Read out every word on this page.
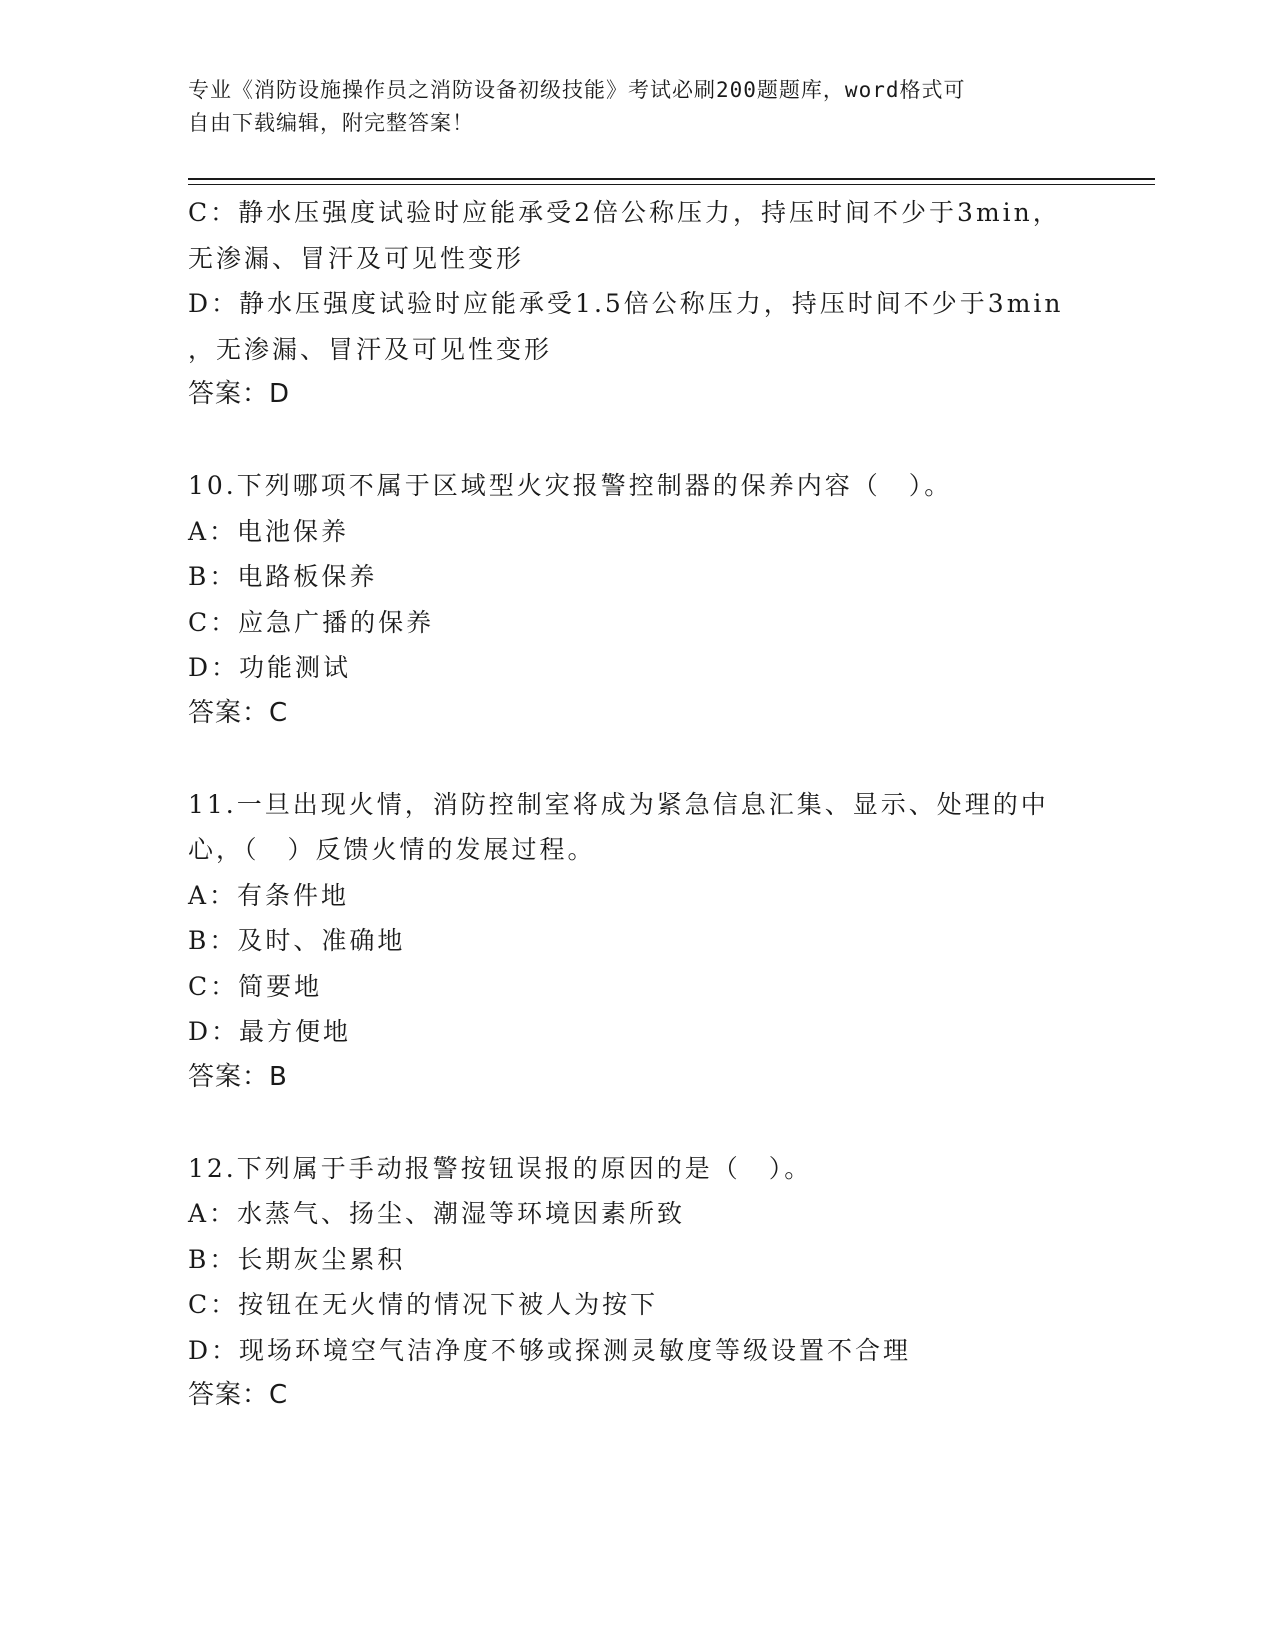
专业《消防设施操作员之消防设备初级技能》考试必刷200题题库，word格式可
自由下载编辑，附完整答案！
C：静水压强度试验时应能承受2倍公称压力，持压时间不少于3min，
无渗漏、冒汗及可见性变形
D：静水压强度试验时应能承受1.5倍公称压力，持压时间不少于3min
，无渗漏、冒汗及可见性变形
答案：D
10.下列哪项不属于区域型火灾报警控制器的保养内容（　）。
A：电池保养
B：电路板保养
C：应急广播的保养
D：功能测试
答案：C
11.一旦出现火情，消防控制室将成为紧急信息汇集、显示、处理的中
心，（　）反馈火情的发展过程。
A：有条件地
B：及时、准确地
C：简要地
D：最方便地
答案：B
12.下列属于手动报警按钮误报的原因的是（　）。
A：水蒸气、扬尘、潮湿等环境因素所致
B：长期灰尘累积
C：按钮在无火情的情况下被人为按下
D：现场环境空气洁净度不够或探测灵敏度等级设置不合理
答案：C
